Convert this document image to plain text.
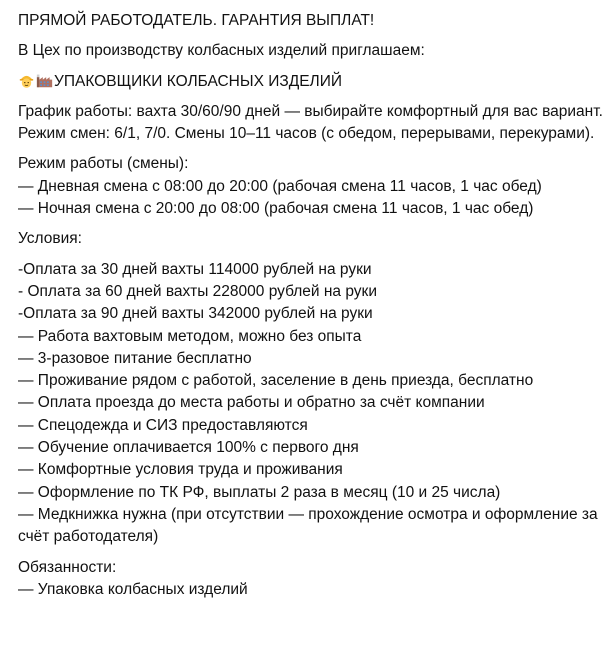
ПРЯМОЙ РАБОТОДАТЕЛЬ. ГАРАНТИЯ ВЫПЛАТ!
В Цех по производству колбасных изделий приглашаем:
УПАКОВЩИКИ КОЛБАСНЫХ ИЗДЕЛИЙ
График работы: вахта 30/60/90 дней — выбирайте комфортный для вас вариант. Режим смен: 6/1, 7/0. Смены 10–11 часов (с обедом, перерывами, перекурами).
Режим работы (смены):
— Дневная смена с 08:00 до 20:00 (рабочая смена 11 часов, 1 час обед)
— Ночная смена с 20:00 до 08:00 (рабочая смена 11 часов, 1 час обед)
Условия:
-Оплата за 30 дней вахты 114000 рублей на руки
- Оплата за 60 дней вахты 228000 рублей на руки
-Оплата за 90 дней вахты 342000 рублей на руки
— Работа вахтовым методом, можно без опыта
— 3-разовое питание бесплатно
— Проживание рядом с работой, заселение в день приезда, бесплатно
— Оплата проезда до места работы и обратно за счёт компании
— Спецодежда и СИЗ предоставляются
— Обучение оплачивается 100% с первого дня
— Комфортные условия труда и проживания
— Оформление по ТК РФ, выплаты 2 раза в месяц (10 и 25 числа)
— Медкнижка нужна (при отсутствии — прохождение осмотра и оформление за счёт работодателя)
Обязанности:
— Упаковка колбасных изделий
